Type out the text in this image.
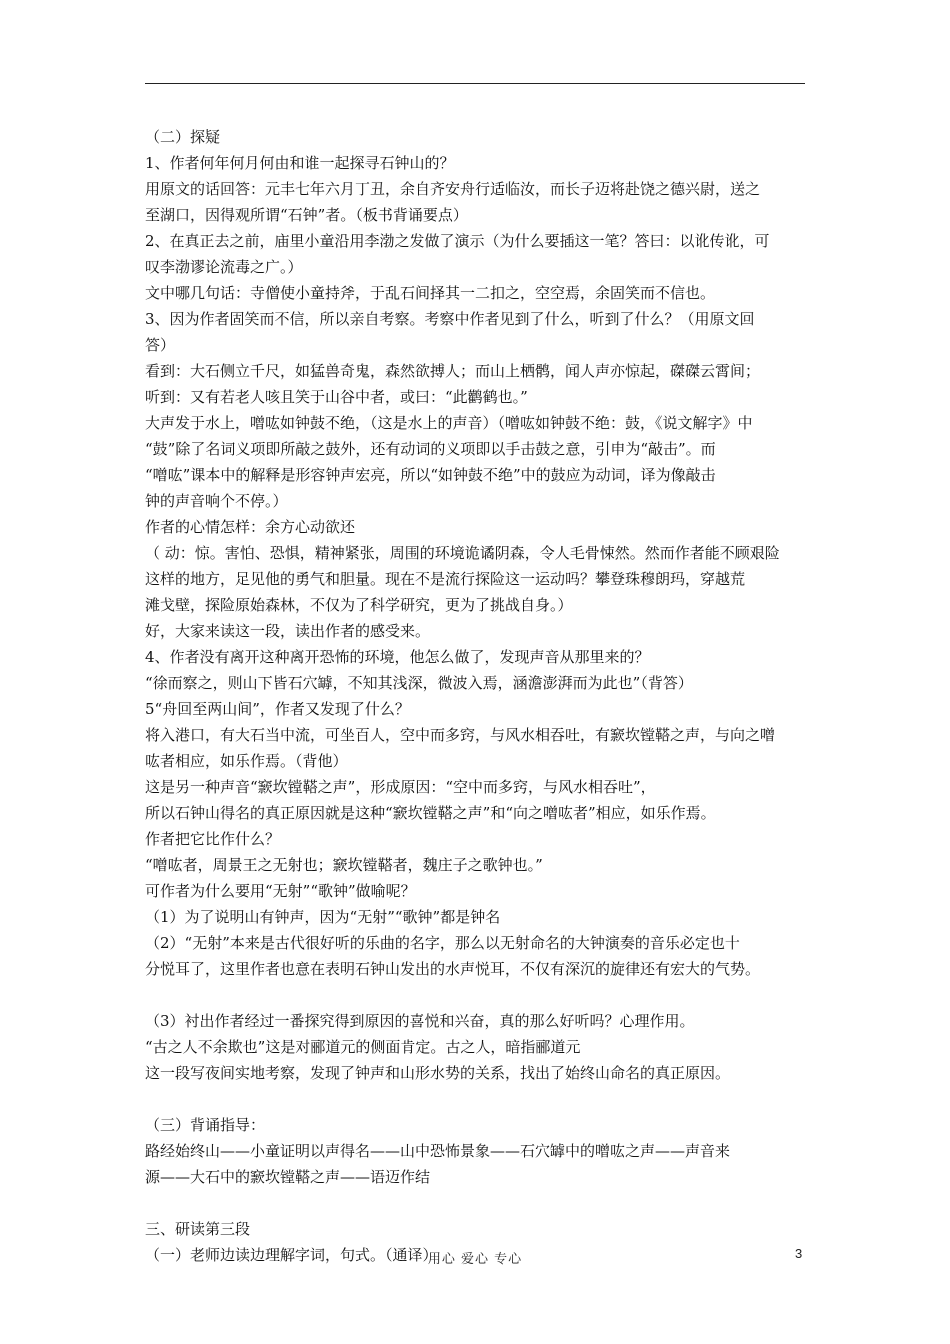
（二）探疑
1、作者何年何月何由和谁一起探寻石钟山的？
用原文的话回答：元丰七年六月丁丑，余自齐安舟行适临汝，而长子迈将赴饶之德兴尉，送之
至湖口，因得观所谓“石钟”者。（板书背诵要点）
2、在真正去之前，庙里小童沿用李渤之发做了演示（为什么要插这一笔？答曰：以讹传讹，可
叹李渤谬论流毒之广。）
文中哪几句话：寺僧使小童持斧，于乱石间择其一二扣之，空空焉，余固笑而不信也。
3、因为作者固笑而不信，所以亲自考察。考察中作者见到了什么，听到了什么？（用原文回
答）
看到：大石侧立千尺，如猛兽奇鬼，森然欲搏人；而山上栖鹘，闻人声亦惊起，磔磔云霄间；
听到：又有若老人咳且笑于山谷中者，或曰：“此鹳鹤也。”
大声发于水上，噌吰如钟鼓不绝，（这是水上的声音）（噌吰如钟鼓不绝：鼓，《说文解字》中
“鼓”除了名词义项即所敲之鼓外，还有动词的义项即以手击鼓之意，引申为“敲击”。而
“噌吰”课本中的解释是形容钟声宏亮，所以“如钟鼓不绝”中的鼓应为动词，译为像敲击
钟的声音响个不停。）
作者的心情怎样：余方心动欲还
（ 动：惊。害怕、恐惧，精神紧张，周围的环境诡谲阴森，令人毛骨悚然。然而作者能不顾艰险
这样的地方，足见他的勇气和胆量。现在不是流行探险这一运动吗？攀登珠穆朗玛，穿越荒
滩戈壁，探险原始森林，不仅为了科学研究，更为了挑战自身。）
好，大家来读这一段，读出作者的感受来。
4、作者没有离开这种离开恐怖的环境，他怎么做了，发现声音从那里来的？
“徐而察之，则山下皆石穴罅，不知其浅深，微波入焉，涵澹澎湃而为此也”（背答）
5“舟回至两山间”，作者又发现了什么？
将入港口，有大石当中流，可坐百人，空中而多窍，与风水相吞吐，有窾坎镗鞳之声，与向之噌
吰者相应，如乐作焉。（背他）
这是另一种声音“窾坎镗鞳之声”，形成原因：“空中而多窍，与风水相吞吐”，
所以石钟山得名的真正原因就是这种“窾坎镗鞳之声”和“向之噌吰者”相应，如乐作焉。
作者把它比作什么？
“噌吰者，周景王之无射也；窾坎镗鞳者，魏庄子之歌钟也。”
可作者为什么要用“无射”“歌钟”做喻呢？
（1）为了说明山有钟声，因为“无射”“歌钟”都是钟名
（2）“无射”本来是古代很好听的乐曲的名字，那么以无射命名的大钟演奏的音乐必定也十
分悦耳了，这里作者也意在表明石钟山发出的水声悦耳，不仅有深沉的旋律还有宏大的气势。
（3）衬出作者经过一番探究得到原因的喜悦和兴奋，真的那么好听吗？心理作用。
“古之人不余欺也”这是对郦道元的侧面肯定。古之人，暗指郦道元
这一段写夜间实地考察，发现了钟声和山形水势的关系，找出了始终山命名的真正原因。
（三）背诵指导：
路经始终山——小童证明以声得名——山中恐怖景象——石穴罅中的噌吰之声——声音来
源——大石中的窾坎镗鞳之声——语迈作结
三、研读第三段
（一）老师边读边理解字词，句式。（通译）
用心 爱心 专心	3
